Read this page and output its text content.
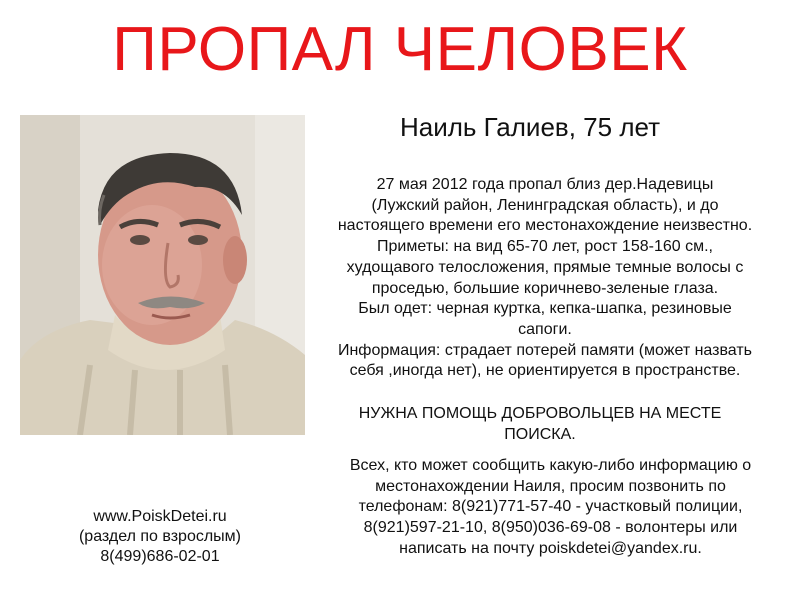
ПРОПАЛ ЧЕЛОВЕК
Наиль Галиев, 75 лет

27 мая 2012 года пропал близ дер.Надевицы

(Лужский район, Ленинградская область), и до

настоящего времени его местонахождение неизвестно.

Приметы: на вид 65-70 лет, рост 158-160 см.,

худощавого телосложения, прямые темные волосы с

проседью, большие коричнево-зеленые глаза.

Был одет: черная куртка, кепка-шапка, резиновые

сапоги.

Информация: страдает потерей памяти (может назвать

себя ,иногда нет), не ориентируется в пространстве.

НУЖНА ПОМОЩЬ ДОБРОВОЛЬЦЕВ НА МЕСТЕ
ПОИСКА.

Всех, кто может сообщить какую-либо информацию о

местонахождении Наиля, просим позвонить по

телефонам: 8(921)771-57-40 - участковый полиции,

8(921)597-21-10, 8(950)036-69-08 - волонтеры или

написать на почту poiskdetei@yandex.ru.

www.PoiskDetei.ru
(раздел по взрослым)
8(499)686-02-01
